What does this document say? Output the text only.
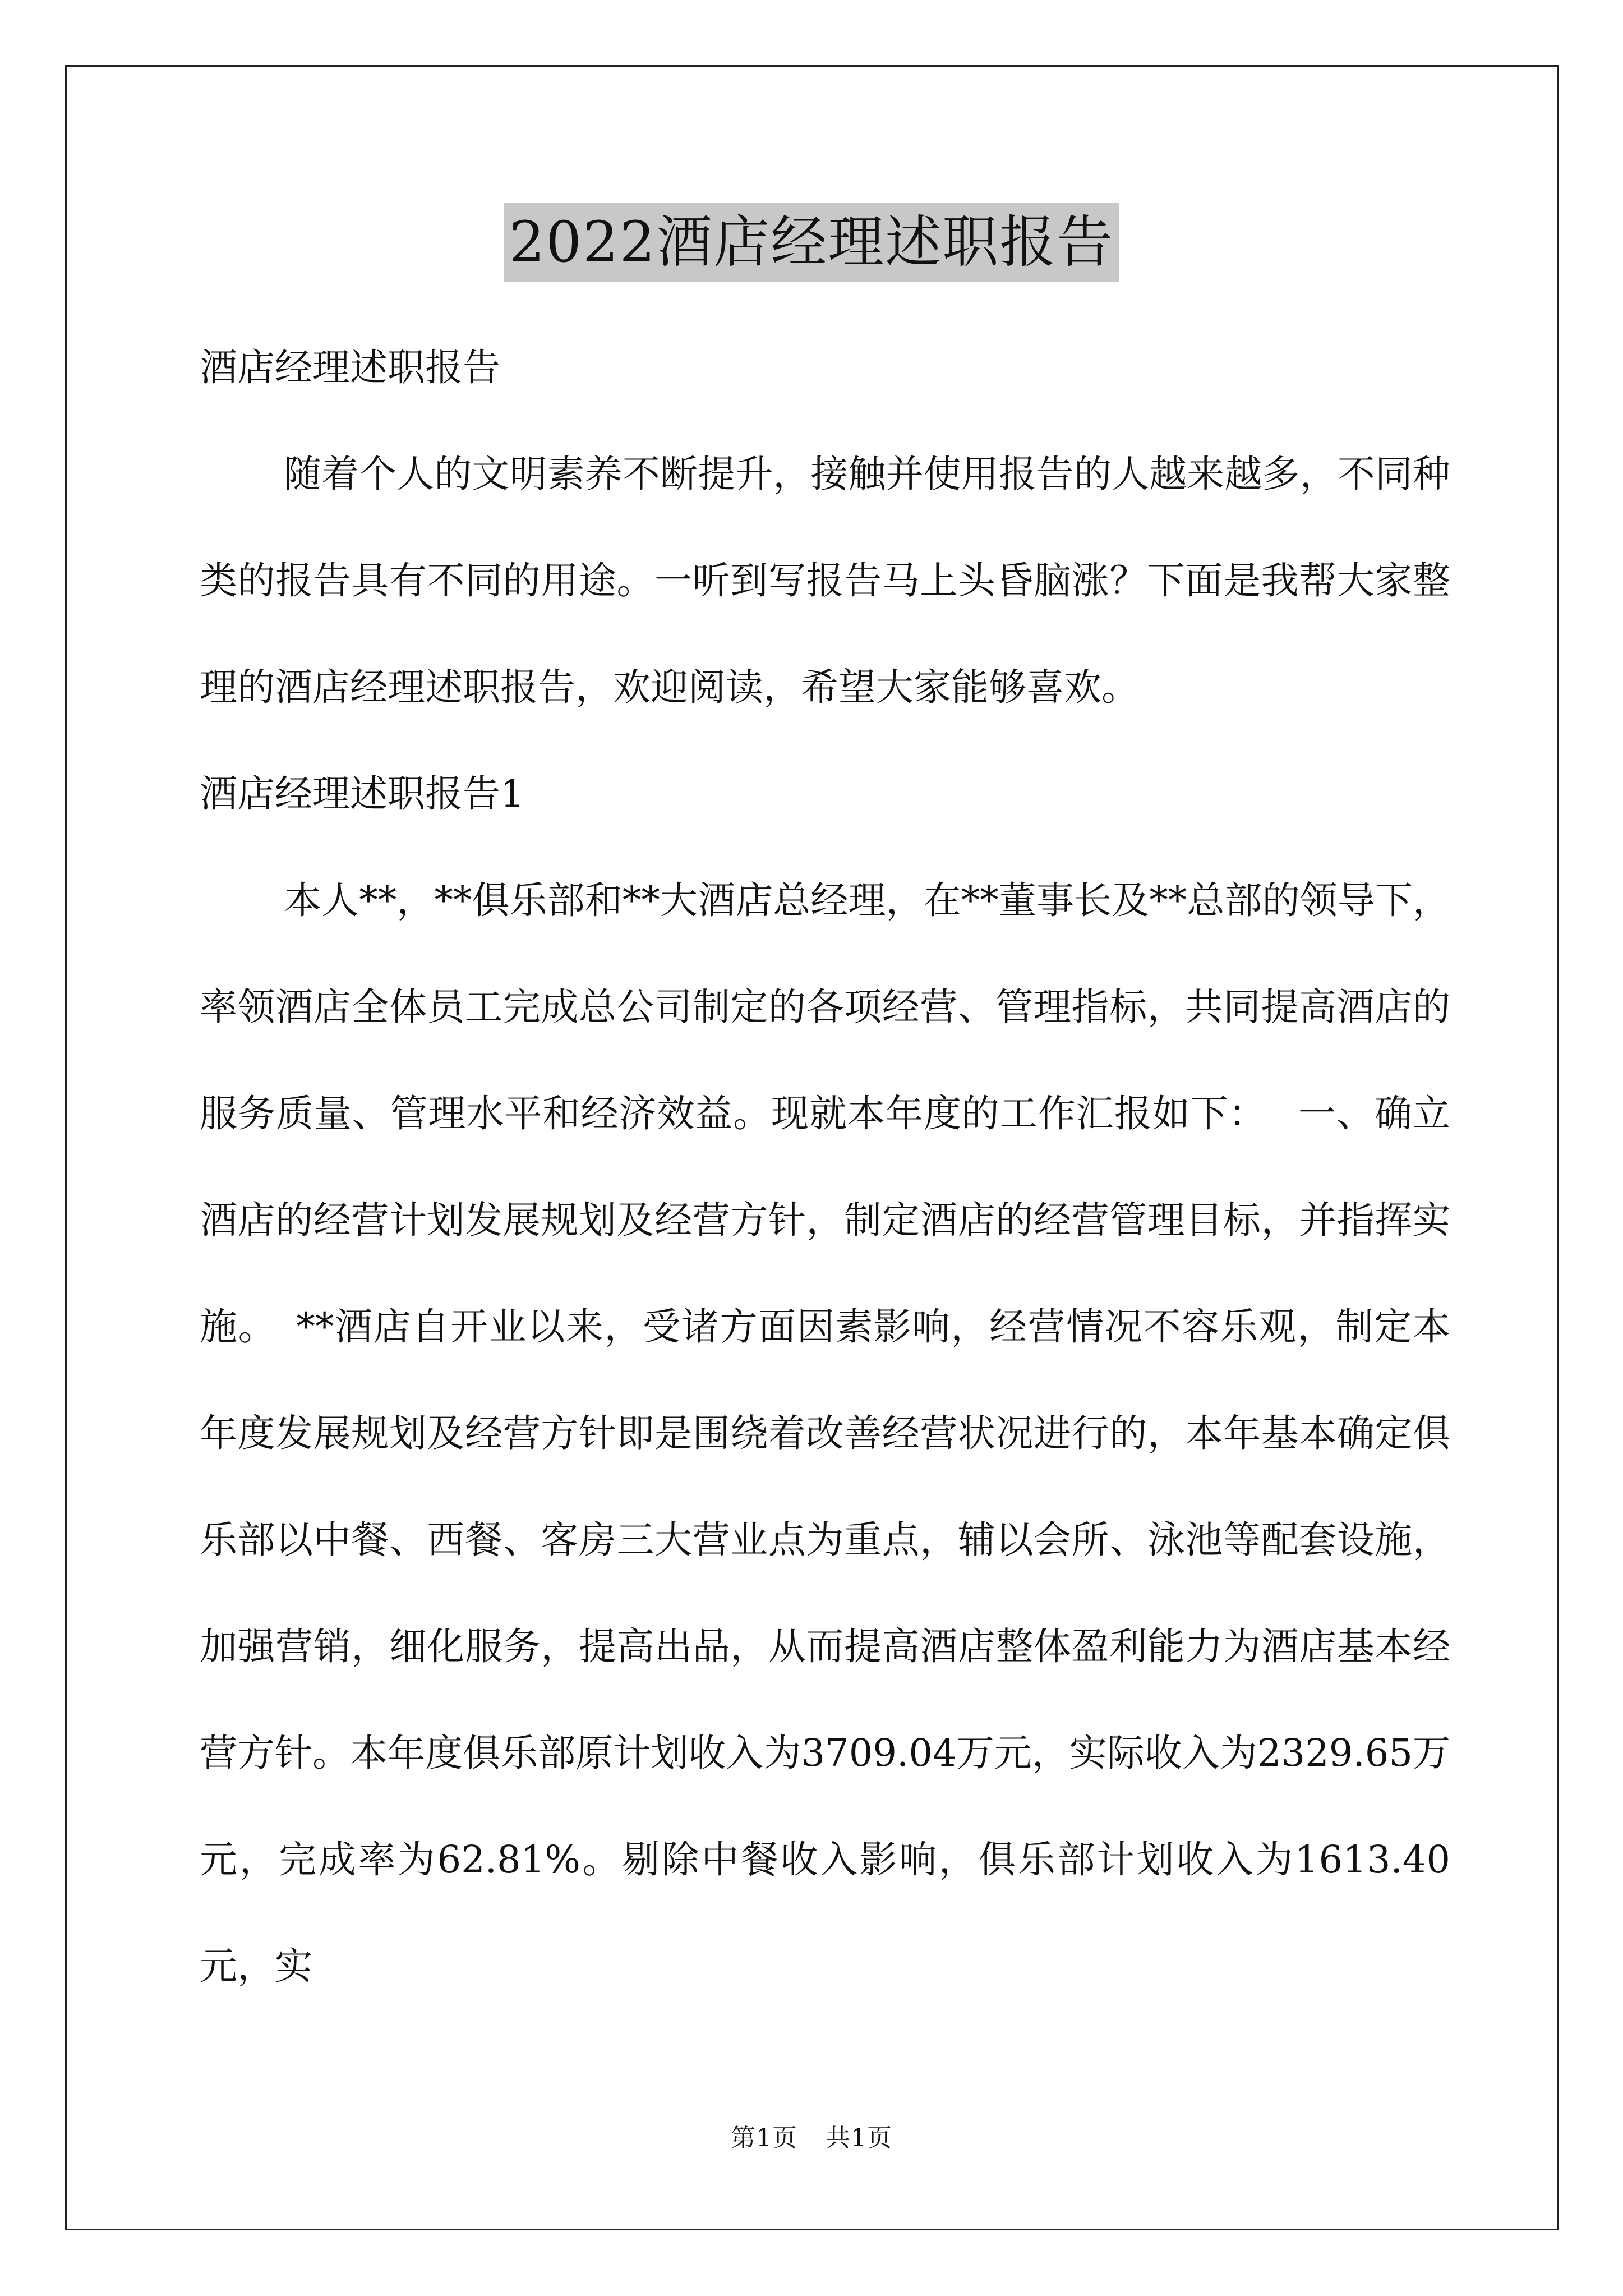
2022酒店经理述职报告

酒店经理述职报告

随着个人的文明素养不断提升，接触并使用报告的人越来越多，不同种类的报告具有不同的用途。一听到写报告马上头昏脑涨？下面是我帮大家整理的酒店经理述职报告，欢迎阅读，希望大家能够喜欢。

酒店经理述职报告1

本人**，**俱乐部和**大酒店总经理，在**董事长及**总部的领导下，率领酒店全体员工完成总公司制定的各项经营、管理指标，共同提高酒店的服务质量、管理水平和经济效益。现就本年度的工作汇报如下：　 一、确立酒店的经营计划发展规划及经营方针，制定酒店的经营管理目标，并指挥实施。　**酒店自开业以来，受诸方面因素影响，经营情况不容乐观，制定本年度发展规划及经营方针即是围绕着改善经营状况进行的，本年基本确定俱乐部以中餐、西餐、客房三大营业点为重点，辅以会所、泳池等配套设施，加强营销，细化服务，提高出品，从而提高酒店整体盈利能力为酒店基本经营方针。本年度俱乐部原计划收入为3709.04万元，实际收入为2329.65万元，完成率为62.81%。剔除中餐收入影响，俱乐部计划收入为1613.40元，实

第1页 共1页
